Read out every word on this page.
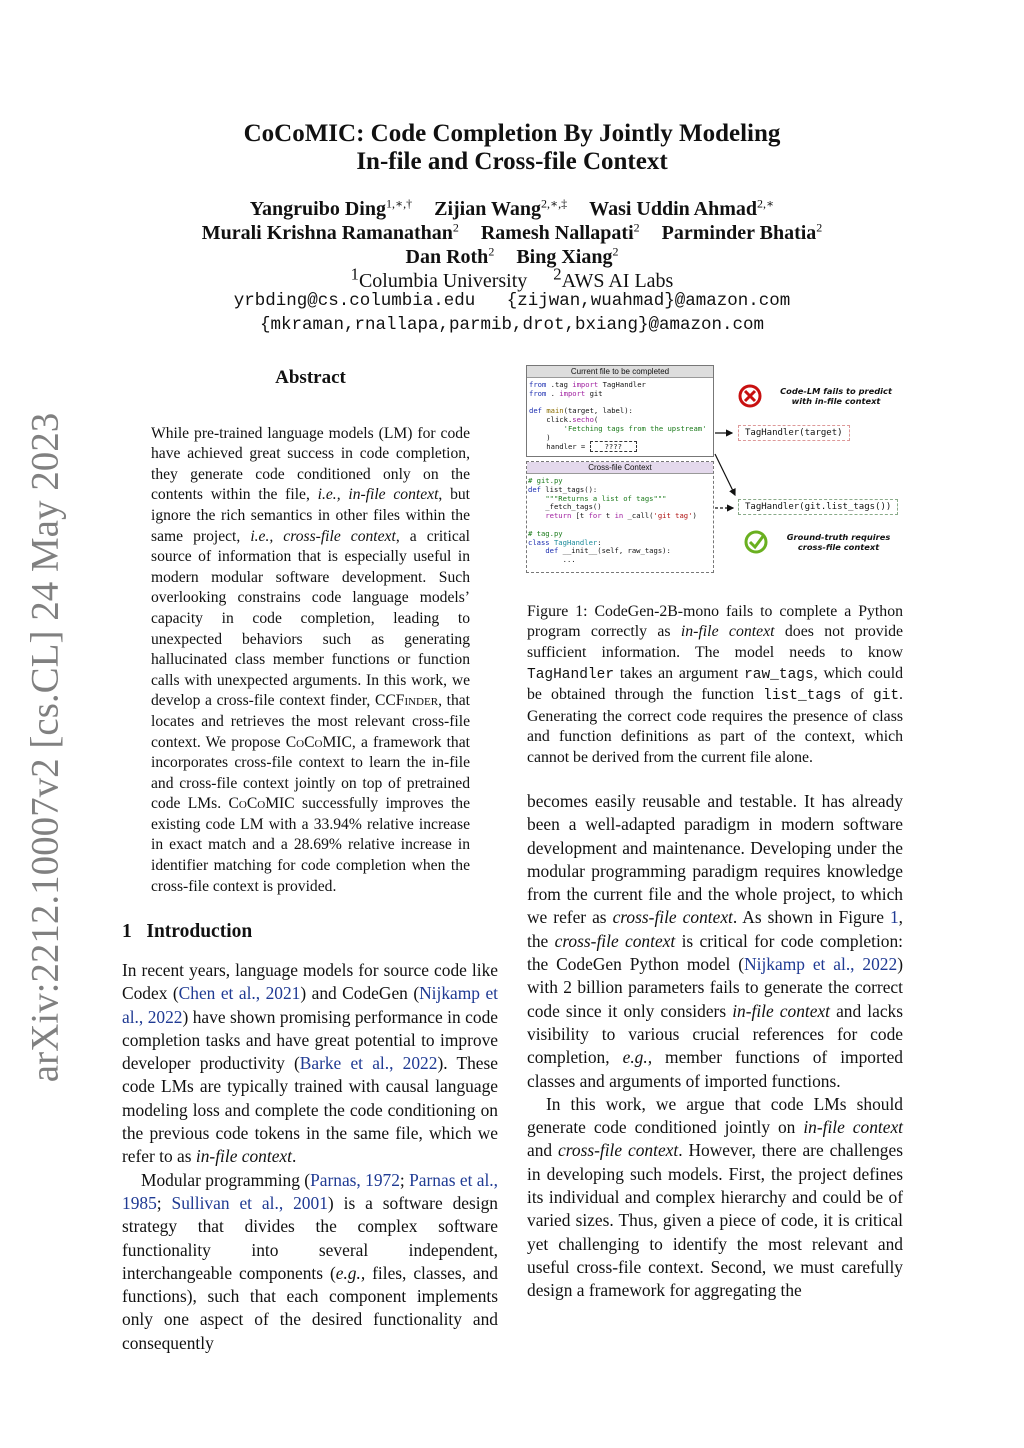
arXiv:2212.10007v2 [cs.CL] 24 May 2023
CoCoMIC: Code Completion By Jointly Modeling
In-file and Cross-file Context
Yangruibo Ding$^{1,∗,\dagger}$ Zijian Wang$^{2,∗,\ddagger}$ Wasi Uddin Ahmad$^{2,∗}$
Murali Krishna Ramanathan$^2$ Ramesh Nallapati$^2$ Parminder Bhatia$^2$
Dan Roth$^2$ Bing Xiang$^2$
$^1$Columbia University $^2$AWS AI Labs
yrbding@cs.columbia.edu   {zijwan,wuahmad}@amazon.com
{mkraman,rnallapa,parmib,drot,bxiang}@amazon.com
Abstract

While pre-trained language models (LM) for code have achieved great success in code completion, they generate code conditioned only on the contents within the file, i.e., in-file context, but ignore the rich semantics in other files within the same project, i.e., cross-file context, a critical source of information that is especially useful in modern modular software development. Such overlooking constrains code language models’ capacity in code completion, leading to unexpected behaviors such as generating hallucinated class member functions or function calls with unexpected arguments. In this work, we develop a cross-file context finder, CCFinder, that locates and retrieves the most relevant cross-file context. We propose CoCoMIC, a framework that incorporates cross-file context to learn the in-file and cross-file context jointly on top of pretrained code LMs. CoCoMIC successfully improves the existing code LM with a 33.94% relative increase in exact match and a 28.69% relative increase in identifier matching for code completion when the cross-file context is provided.

1   Introduction

In recent years, language models for source code like Codex (Chen et al., 2021) and CodeGen (Nijkamp et al., 2022) have shown promising performance in code completion tasks and have great potential to improve developer productivity (Barke et al., 2022). These code LMs are typically trained with causal language modeling loss and complete the code conditioning on the previous code tokens in the same file, which we refer to as in-file context.

Modular programming (Parnas, 1972; Parnas et al., 1985; Sullivan et al., 2001) is a software design strategy that divides the complex software functionality into several independent, interchangeable components (e.g., files, classes, and functions), such that each component implements only one aspect of the desired functionality and consequently

becomes easily reusable and testable. It has already been a well-adapted paradigm in modern software development and maintenance. Developing under the modular programming paradigm requires knowledge from the current file and the whole project, to which we refer as cross-file context. As shown in Figure 1, the cross-file context is critical for code completion: the CodeGen Python model (Nijkamp et al., 2022) with 2 billion parameters fails to generate the correct code since it only considers in-file context and lacks visibility to various crucial references for code completion, e.g., member functions of imported classes and arguments of imported functions.

In this work, we argue that code LMs should generate code conditioned jointly on in-file context and cross-file context. However, there are challenges in developing such models. First, the project defines its individual and complex hierarchy and could be of varied sizes. Thus, given a piece of code, it is critical yet challenging to identify the most relevant and useful cross-file context. Second, we must carefully design a framework for aggregating the

Current file to be completed
from .tag import TagHandler
from . import git

def main(target, label):
click.secho(
'Fetching tags from the upstream'
)
handler =	????
Cross-file Context
# git.py
def list_tags():
"""Returns a list of tags"""
_fetch_tags()
return [t for t in _call('git tag')

# tag.py
class TagHandler:
def __init__(self, raw_tags):
...
Code-LM fails to predict with in-file context
Ground-truth requires cross-file context
TagHandler(target)
TagHandler(git.list_tags())

Figure 1: CodeGen-2B-mono fails to complete a Python program correctly as in-file context does not provide sufficient information. The model needs to know TagHandler takes an argument raw_tags, which could be obtained through the function list_tags of git. Generating the correct code requires the presence of class and function definitions as part of the context, which cannot be derived from the current file alone.
